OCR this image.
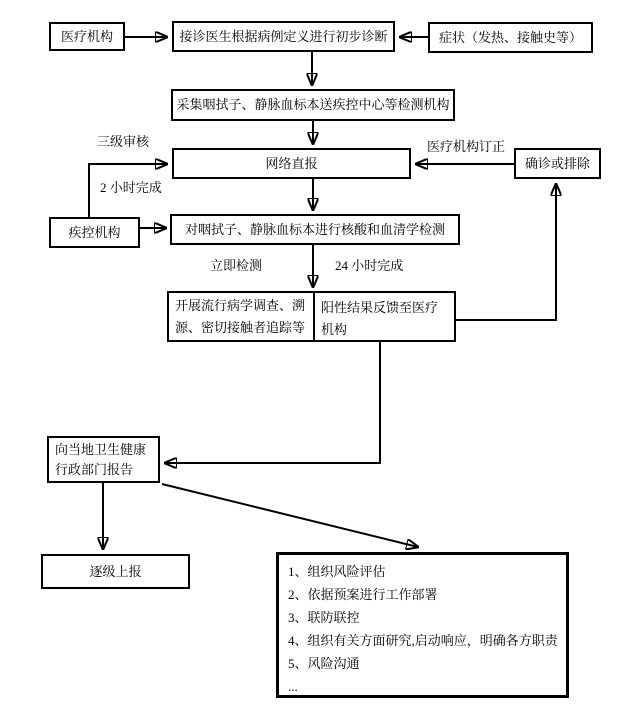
医疗机构	接诊医生根据病例定义进行初步诊断	症状（发热、接触史等）
采集咽拭子、静脉血标本送疾控中心等检测机构
网络直报	确诊或排除
疾控机构	对咽拭子、静脉血标本进行核酸和血清学检测
开展流行病学调查、溯
源、密切接触者追踪等
阳性结果反馈至医疗
机构
向当地卫生健康
行政部门报告
逐级上报	1、组织风险评估
2、依据预案进行工作部署
3、联防联控
4、组织有关方面研究,启动响应，明确各方职责
5、风险沟通
...
三级审核
2 小时完成
医疗机构订正
立即检测	24 小时完成
